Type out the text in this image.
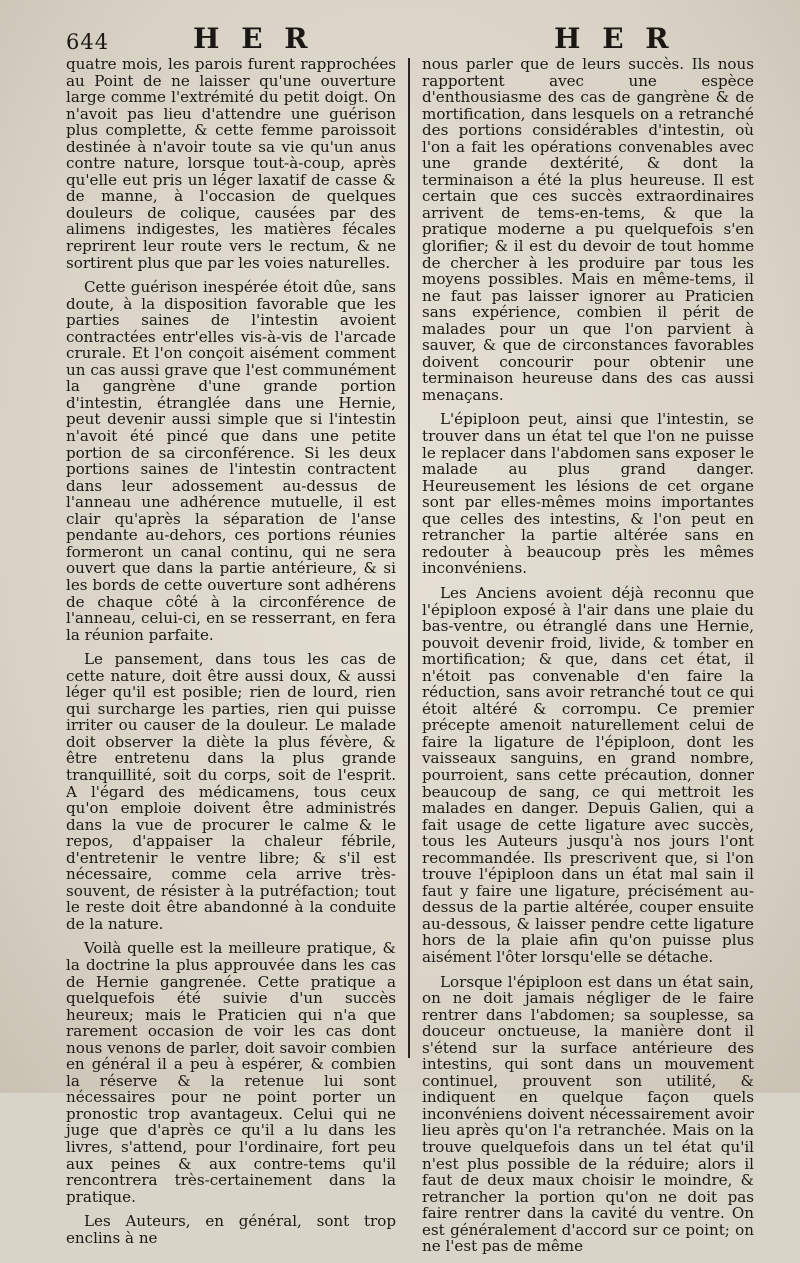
644	H E R	H E R

quatre mois, les parois furent rapprochées au Point de ne laisser qu'une ouverture large comme l'extrémité du petit doigt. On n'avoit pas lieu d'attendre une guérison plus complette, & cette femme paroissoit destinée à n'avoir toute sa vie qu'un anus contre nature, lorsque tout-à-coup, après qu'elle eut pris un léger laxatif de casse & de manne, à l'occasion de quelques douleurs de colique, causées par des alimens indigestes, les matières fécales reprirent leur route vers le rectum, & ne sortirent plus que par les voies naturelles.

Cette guérison inespérée étoit dûe, sans doute, à la disposition favorable que les parties saines de l'intestin avoient contractées entr'elles vis-à-vis de l'arcade crurale. Et l'on conçoit aisément comment un cas aussi grave que l'est communément la gangrène d'une grande portion d'intestin, étranglée dans une Hernie, peut devenir aussi simple que si l'intestin n'avoit été pincé que dans une petite portion de sa circonférence. Si les deux portions saines de l'intestin contractent dans leur adossement au-dessus de l'anneau une adhérence mutuelle, il est clair qu'après la séparation de l'anse pendante au-dehors, ces portions réunies formeront un canal continu, qui ne sera ouvert que dans la partie antérieure, & si les bords de cette ouverture sont adhérens de chaque côté à la circonférence de l'anneau, celui-ci, en se resserrant, en fera la réunion parfaite.

Le pansement, dans tous les cas de cette nature, doit être aussi doux, & aussi léger qu'il est posible; rien de lourd, rien qui surcharge les parties, rien qui puisse irriter ou causer de la douleur. Le malade doit observer la diète la plus févère, & être entretenu dans la plus grande tranquillité, soit du corps, soit de l'esprit. A l'égard des médicamens, tous ceux qu'on emploie doivent être administrés dans la vue de procurer le calme & le repos, d'appaiser la chaleur fébrile, d'entretenir le ventre libre; & s'il est nécessaire, comme cela arrive très-souvent, de résister à la putréfaction; tout le reste doit être abandonné à la conduite de la nature.

Voilà quelle est la meilleure pratique, & la doctrine la plus approuvée dans les cas de Hernie gangrenée. Cette pratique a quelquefois été suivie d'un succès heureux; mais le Praticien qui n'a que rarement occasion de voir les cas dont nous venons de parler, doit savoir combien en général il a peu à espérer, & combien la réserve & la retenue lui sont nécessaires pour ne point porter un pronostic trop avantageux. Celui qui ne juge que d'après ce qu'il a lu dans les livres, s'attend, pour l'ordinaire, fort peu aux peines & aux contre-tems qu'il rencontrera très-certainement dans la pratique.

Les Auteurs, en général, sont trop enclins à ne

nous parler que de leurs succès. Ils nous rapportent avec une espèce d'enthousiasme des cas de gangrène & de mortification, dans lesquels on a retranché des portions considérables d'intestin, où l'on a fait les opérations convenables avec une grande dextérité, & dont la terminaison a été la plus heureuse. Il est certain que ces succès extraordinaires arrivent de tems-en-tems, & que la pratique moderne a pu quelquefois s'en glorifier; & il est du devoir de tout homme de chercher à les produire par tous les moyens possibles. Mais en même-tems, il ne faut pas laisser ignorer au Praticien sans expérience, combien il périt de malades pour un que l'on parvient à sauver, & que de circonstances favorables doivent concourir pour obtenir une terminaison heureuse dans des cas aussi menaçans.

L'épiploon peut, ainsi que l'intestin, se trouver dans un état tel que l'on ne puisse le replacer dans l'abdomen sans exposer le malade au plus grand danger. Heureusement les lésions de cet organe sont par elles-mêmes moins importantes que celles des intestins, & l'on peut en retrancher la partie altérée sans en redouter à beaucoup près les mêmes inconvéniens.

Les Anciens avoient déjà reconnu que l'épiploon exposé à l'air dans une plaie du bas-ventre, ou étranglé dans une Hernie, pouvoit devenir froid, livide, & tomber en mortification; & que, dans cet état, il n'étoit pas convenable d'en faire la réduction, sans avoir retranché tout ce qui étoit altéré & corrompu. Ce premier précepte amenoit naturellement celui de faire la ligature de l'épiploon, dont les vaisseaux sanguins, en grand nombre, pourroient, sans cette précaution, donner beaucoup de sang, ce qui mettroit les malades en danger. Depuis Galien, qui a fait usage de cette ligature avec succès, tous les Auteurs jusqu'à nos jours l'ont recommandée. Ils prescrivent que, si l'on trouve l'épiploon dans un état mal sain il faut y faire une ligature, précisément au-dessus de la partie altérée, couper ensuite au-dessous, & laisser pendre cette ligature hors de la plaie afin qu'on puisse plus aisément l'ôter lorsqu'elle se détache.

Lorsque l'épiploon est dans un état sain, on ne doit jamais négliger de le faire rentrer dans l'abdomen; sa souplesse, sa douceur onctueuse, la manière dont il s'étend sur la surface antérieure des intestins, qui sont dans un mouvement continuel, prouvent son utilité, & indiquent en quelque façon quels inconvéniens doivent nécessairement avoir lieu après qu'on l'a retranchée. Mais on la trouve quelquefois dans un tel état qu'il n'est plus possible de la réduire; alors il faut de deux maux choisir le moindre, & retrancher la portion qu'on ne doit pas faire rentrer dans la cavité du ventre. On est généralement d'accord sur ce point; on ne l'est pas de même
